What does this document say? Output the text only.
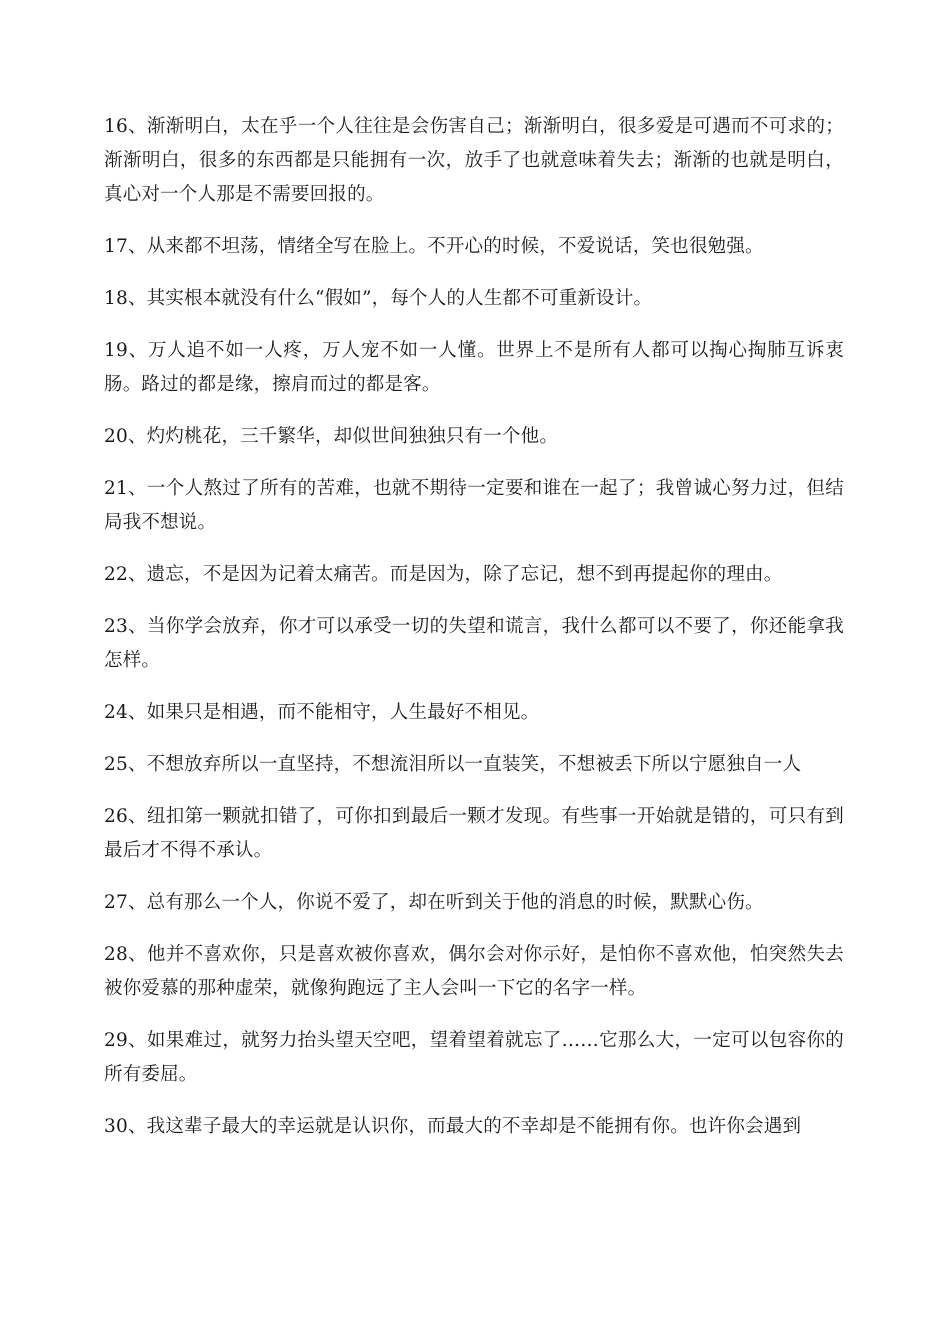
16、渐渐明白，太在乎一个人往往是会伤害自己；渐渐明白，很多爱是可遇而不可求的；渐渐明白，很多的东西都是只能拥有一次，放手了也就意味着失去；渐渐的也就是明白，真心对一个人那是不需要回报的。

17、从来都不坦荡，情绪全写在脸上。不开心的时候，不爱说话，笑也很勉强。

18、其实根本就没有什么“假如”，每个人的人生都不可重新设计。

19、万人追不如一人疼，万人宠不如一人懂。世界上不是所有人都可以掏心掏肺互诉衷肠。路过的都是缘，擦肩而过的都是客。

20、灼灼桃花，三千繁华，却似世间独独只有一个他。

21、一个人熬过了所有的苦难，也就不期待一定要和谁在一起了；我曾诚心努力过，但结局我不想说。

22、遗忘，不是因为记着太痛苦。而是因为，除了忘记，想不到再提起你的理由。

23、当你学会放弃，你才可以承受一切的失望和谎言，我什么都可以不要了，你还能拿我怎样。

24、如果只是相遇，而不能相守，人生最好不相见。

25、不想放弃所以一直坚持，不想流泪所以一直装笑，不想被丢下所以宁愿独自一人

26、纽扣第一颗就扣错了，可你扣到最后一颗才发现。有些事一开始就是错的，可只有到最后才不得不承认。

27、总有那么一个人，你说不爱了，却在听到关于他的消息的时候，默默心伤。

28、他并不喜欢你，只是喜欢被你喜欢，偶尔会对你示好，是怕你不喜欢他，怕突然失去被你爱慕的那种虚荣，就像狗跑远了主人会叫一下它的名字一样。

29、如果难过，就努力抬头望天空吧，望着望着就忘了……它那么大，一定可以包容你的所有委屈。

30、我这辈子最大的幸运就是认识你，而最大的不幸却是不能拥有你。也许你会遇到
